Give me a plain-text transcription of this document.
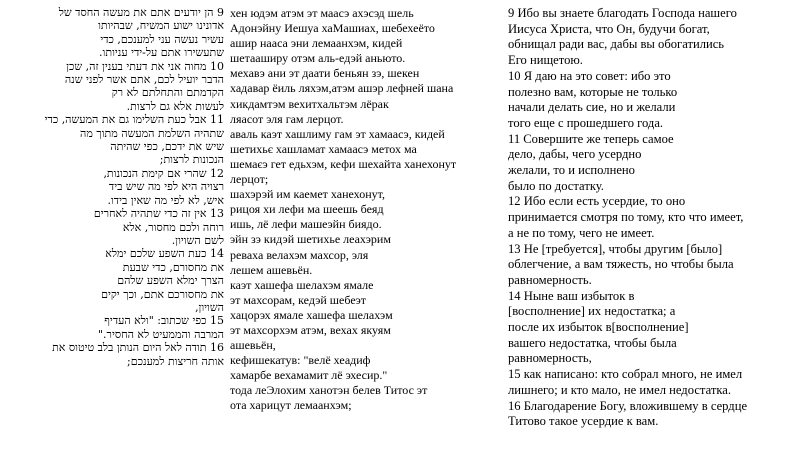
9 הן יודעים אתם את מעשה החסד של
אדונינו ישוע המשיח, שבהיותו
עשיר נעשה עני למענכם, כדי
שתעשירו אתם על-ידי עניותו.
10 מחוה אני את דעתי בענין זה, שכן
הדבר יועיל לכם, אתם אשר לפני שנה
הקדמתם והתחלתם לא רק
לעשות אלא גם לרצות.
11 אבל כעת השלימו גם את המעשה, כדי
שתהיה השלמת המעשה מתוך מה
שיש את ידכם, כפי שהיתה
הנכונות לרצות;
12 שהרי אם קימת הנכונות,
רצויה היא לפי מה שיש ביד
איש, לא לפי מה שאין בידו.
13 אין זה כדי שתהיה לאחרים
רוחה ולכם מחסור, אלא
לשם השויון.
14 כעת השפע שלכם ימלא
את מחסורם, כדי שבעת
הצרך ימלא השפע שלהם
את מחסורכם אתם, וכך יקים
השויון,
15 כפי שכתוב: "ולא העדיף
המרבה והממעיט לא החסיר."
16 תודה לאל היום הנותן בלב טיטוס את
אותה חריצות למענכם;
хен юдэм атэм эт маасэ ахэсэд шель
Адонэйну Иешуа хаМашиах, шебехеёто
ашир нааса эни лемаанхэм, кидей
шетааширу отэм аль-едэй аньюто.
мехавэ ани эт даати беньян зэ, шекен
хадавар ёиль ляхэм,атэм ашэр лефней шана
хикдамтэм вехитхальтэм лёрак
ляасот эля гам лерцот.
аваль каэт хашлиму гам эт хамаасэ, кидей
шетихьє хашламат хамаасэ метох ма
шемаєэ гет едьхэм, кефи шехайта ханехонут
лерцот;
шахэрэй им каемет ханехонут,
рицоя хи лефи ма шеешь беяд
ишь, лё лефи машеэйн биядо.
эйн зэ кидэй шетихье леахэрим
реваха велахэм махсор, эля
лешем ашевьён.
каэт хашефа шелахэм ямале
эт махсорам, кедэй шебеэт
хацорэх ямале хашефа шелахэм
эт махсорхэм атэм, вехах якуям
ашевьён,
кефишекатув: "велё хеадиф
хамарбе вехамамит лё эхесир."
тода леЭлохим ханотэн белев Титос эт
ота харицут лемаанхэм;
9 Ибо вы знаете благодать Господа нашего
Иисуса Христа, что Он, будучи богат,
обнищал ради вас, дабы вы обогатились
Его нищетою.
10 Я даю на это совет: ибо это
полезно вам, которые не только
начали делать сие, но и желали
того еще с прошедшего года.
11 Совершите же теперь самое
дело, дабы, чего усердно
желали, то и исполнено
было по достатку.
12 Ибо если есть усердие, то оно
принимается смотря по тому, кто что имеет,
а не по тому, чего не имеет.
13 Не [требуется], чтобы другим [было]
облегчение, а вам тяжесть, но чтобы была
равномерность.
14 Ныне ваш избыток в
[восполнение] их недостатка; а
после их избыток в[восполнение]
вашего недостатка, чтобы была
равномерность,
15 как написано: кто собрал много, не имел
лишнего; и кто мало, не имел недостатка.
16 Благодарение Богу, вложившему в сердце
Титово такое усердие к вам.
